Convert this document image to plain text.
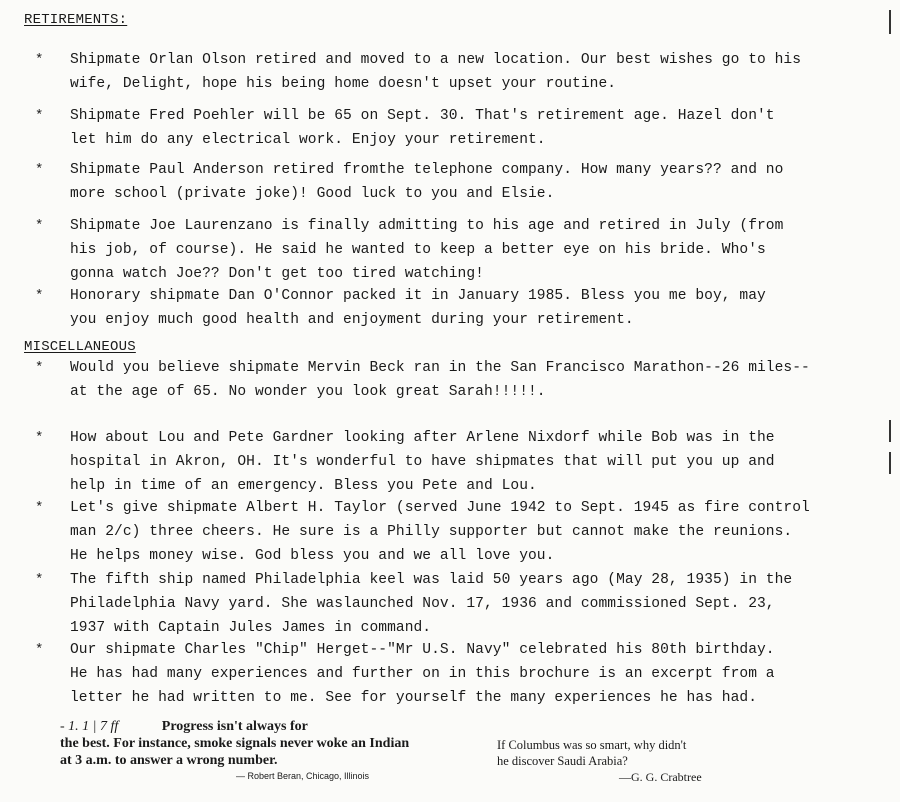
RETIREMENTS:
* Shipmate Orlan Olson retired and moved to a new location. Our best wishes go to his
wife, Delight, hope his being home doesn't upset your routine.

* Shipmate Fred Poehler will be 65 on Sept. 30. That's retirement age. Hazel don't
let him do any electrical work. Enjoy your retirement.

* Shipmate Paul Anderson retired fromthe telephone company. How many years?? and no
more school (private joke)! Good luck to you and Elsie.

* Shipmate Joe Laurenzano is finally admitting to his age and retired in July (from
his job, of course). He said he wanted to keep a better eye on his bride. Who's
gonna watch Joe?? Don't get too tired watching!

* Honorary shipmate Dan O'Connor packed it in January 1985. Bless you me boy, may
you enjoy much good health and enjoyment during your retirement.

MISCELLANEOUS
* Would you believe shipmate Mervin Beck ran in the San Francisco Marathon--26 miles--
at the age of 65. No wonder you look great Sarah!!!!!.

* How about Lou and Pete Gardner looking after Arlene Nixdorf while Bob was in the
hospital in Akron, OH. It's wonderful to have shipmates that will put you up and
help in time of an emergency. Bless you Pete and Lou.

* Let's give shipmate Albert H. Taylor (served June 1942 to Sept. 1945 as fire control
man 2/c) three cheers. He sure is a Philly supporter but cannot make the reunions.
He helps money wise. God bless you and we all love you.

* The fifth ship named Philadelphia keel was laid 50 years ago (May 28, 1935) in the
Philadelphia Navy yard. She waslaunched Nov. 17, 1936 and commissioned Sept. 23,
1937 with Captain Jules James in command.

* Our shipmate Charles "Chip" Herget--"Mr U.S. Navy" celebrated his 80th birthday.
He has had many experiences and further on in this brochure is an excerpt from a
letter he had written to me. See for yourself the many experiences he has had.

- 1. 1 | 7 ff	Progress isn't always for

the best. For instance, smoke signals never woke an Indian at 3 a.m. to answer a wrong number.

— Robert Beran, Chicago, Illinois

If Columbus was so smart, why didn't
he discover Saudi Arabia?

—G. G. Crabtree
